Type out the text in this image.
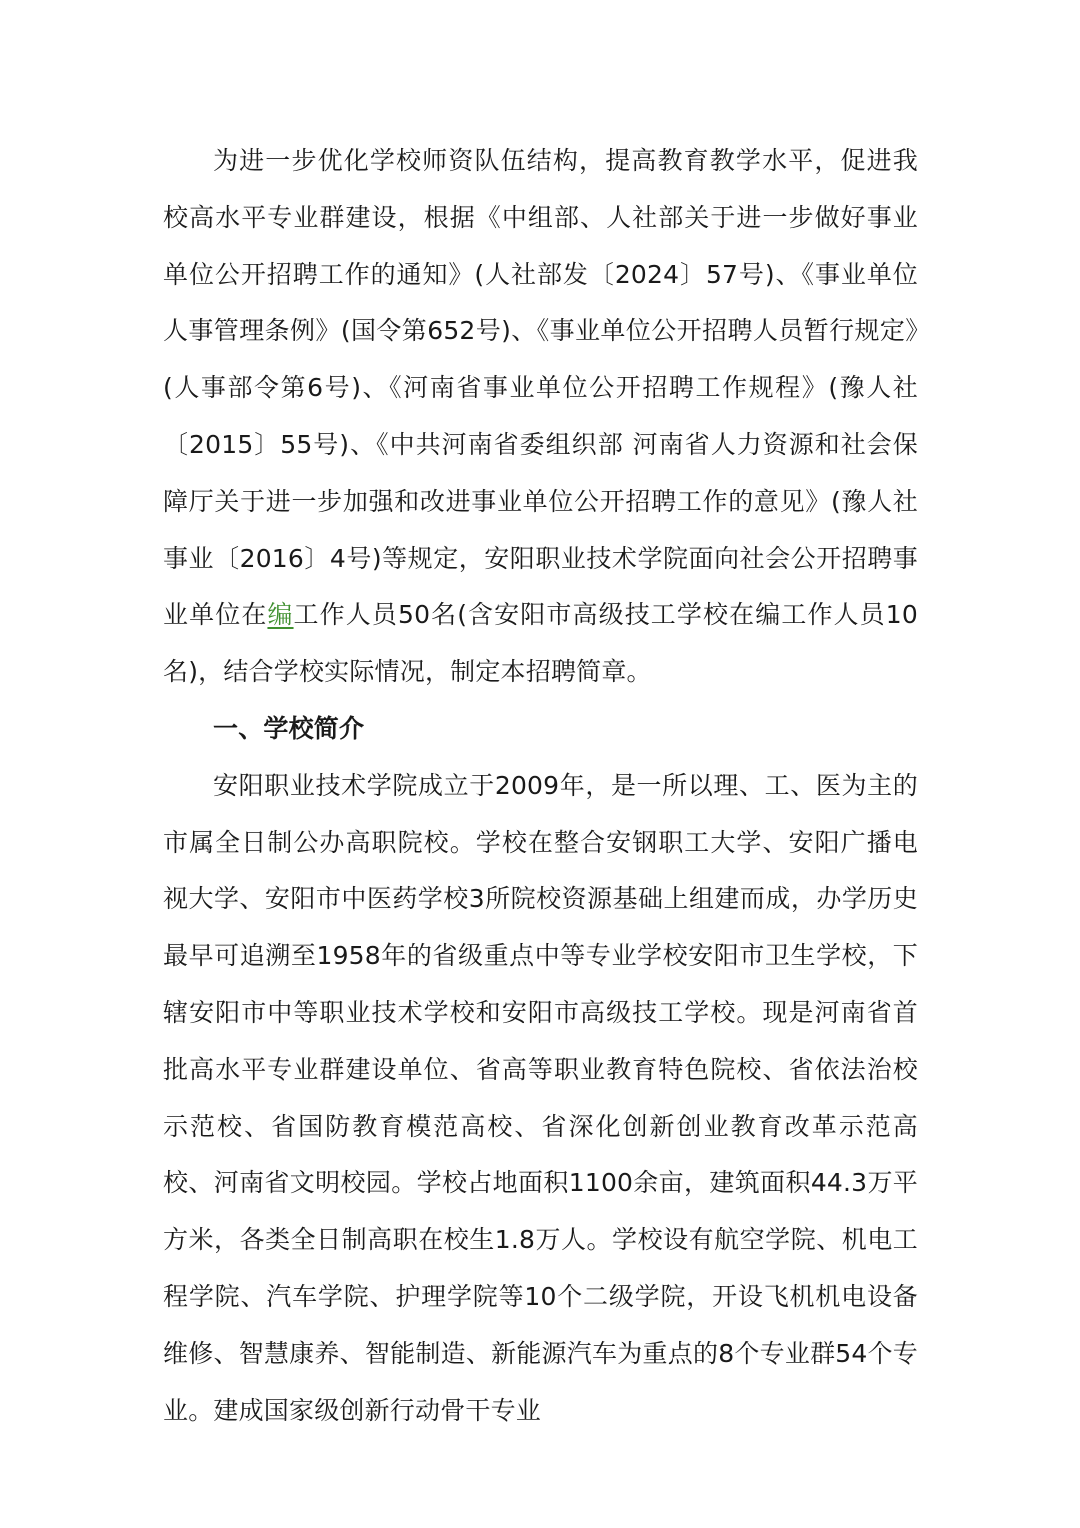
为进一步优化学校师资队伍结构，提高教育教学水平，促进我校高水平专业群建设，根据《中组部、人社部关于进一步做好事业单位公开招聘工作的通知》(人社部发〔2024〕57号)、《事业单位人事管理条例》(国令第652号)、《事业单位公开招聘人员暂行规定》(人事部令第6号)、《河南省事业单位公开招聘工作规程》(豫人社〔2015〕55号)、《中共河南省委组织部 河南省人力资源和社会保障厅关于进一步加强和改进事业单位公开招聘工作的意见》(豫人社事业〔2016〕4号)等规定，安阳职业技术学院面向社会公开招聘事业单位在编工作人员50名(含安阳市高级技工学校在编工作人员10名)，结合学校实际情况，制定本招聘简章。

一、学校简介

安阳职业技术学院成立于2009年，是一所以理、工、医为主的市属全日制公办高职院校。学校在整合安钢职工大学、安阳广播电视大学、安阳市中医药学校3所院校资源基础上组建而成，办学历史最早可追溯至1958年的省级重点中等专业学校安阳市卫生学校，下辖安阳市中等职业技术学校和安阳市高级技工学校。现是河南省首批高水平专业群建设单位、省高等职业教育特色院校、省依法治校示范校、省国防教育模范高校、省深化创新创业教育改革示范高校、河南省文明校园。学校占地面积1100余亩，建筑面积44.3万平方米，各类全日制高职在校生1.8万人。学校设有航空学院、机电工程学院、汽车学院、护理学院等10个二级学院，开设飞机机电设备维修、智慧康养、智能制造、新能源汽车为重点的8个专业群54个专业。建成国家级创新行动骨干专业
